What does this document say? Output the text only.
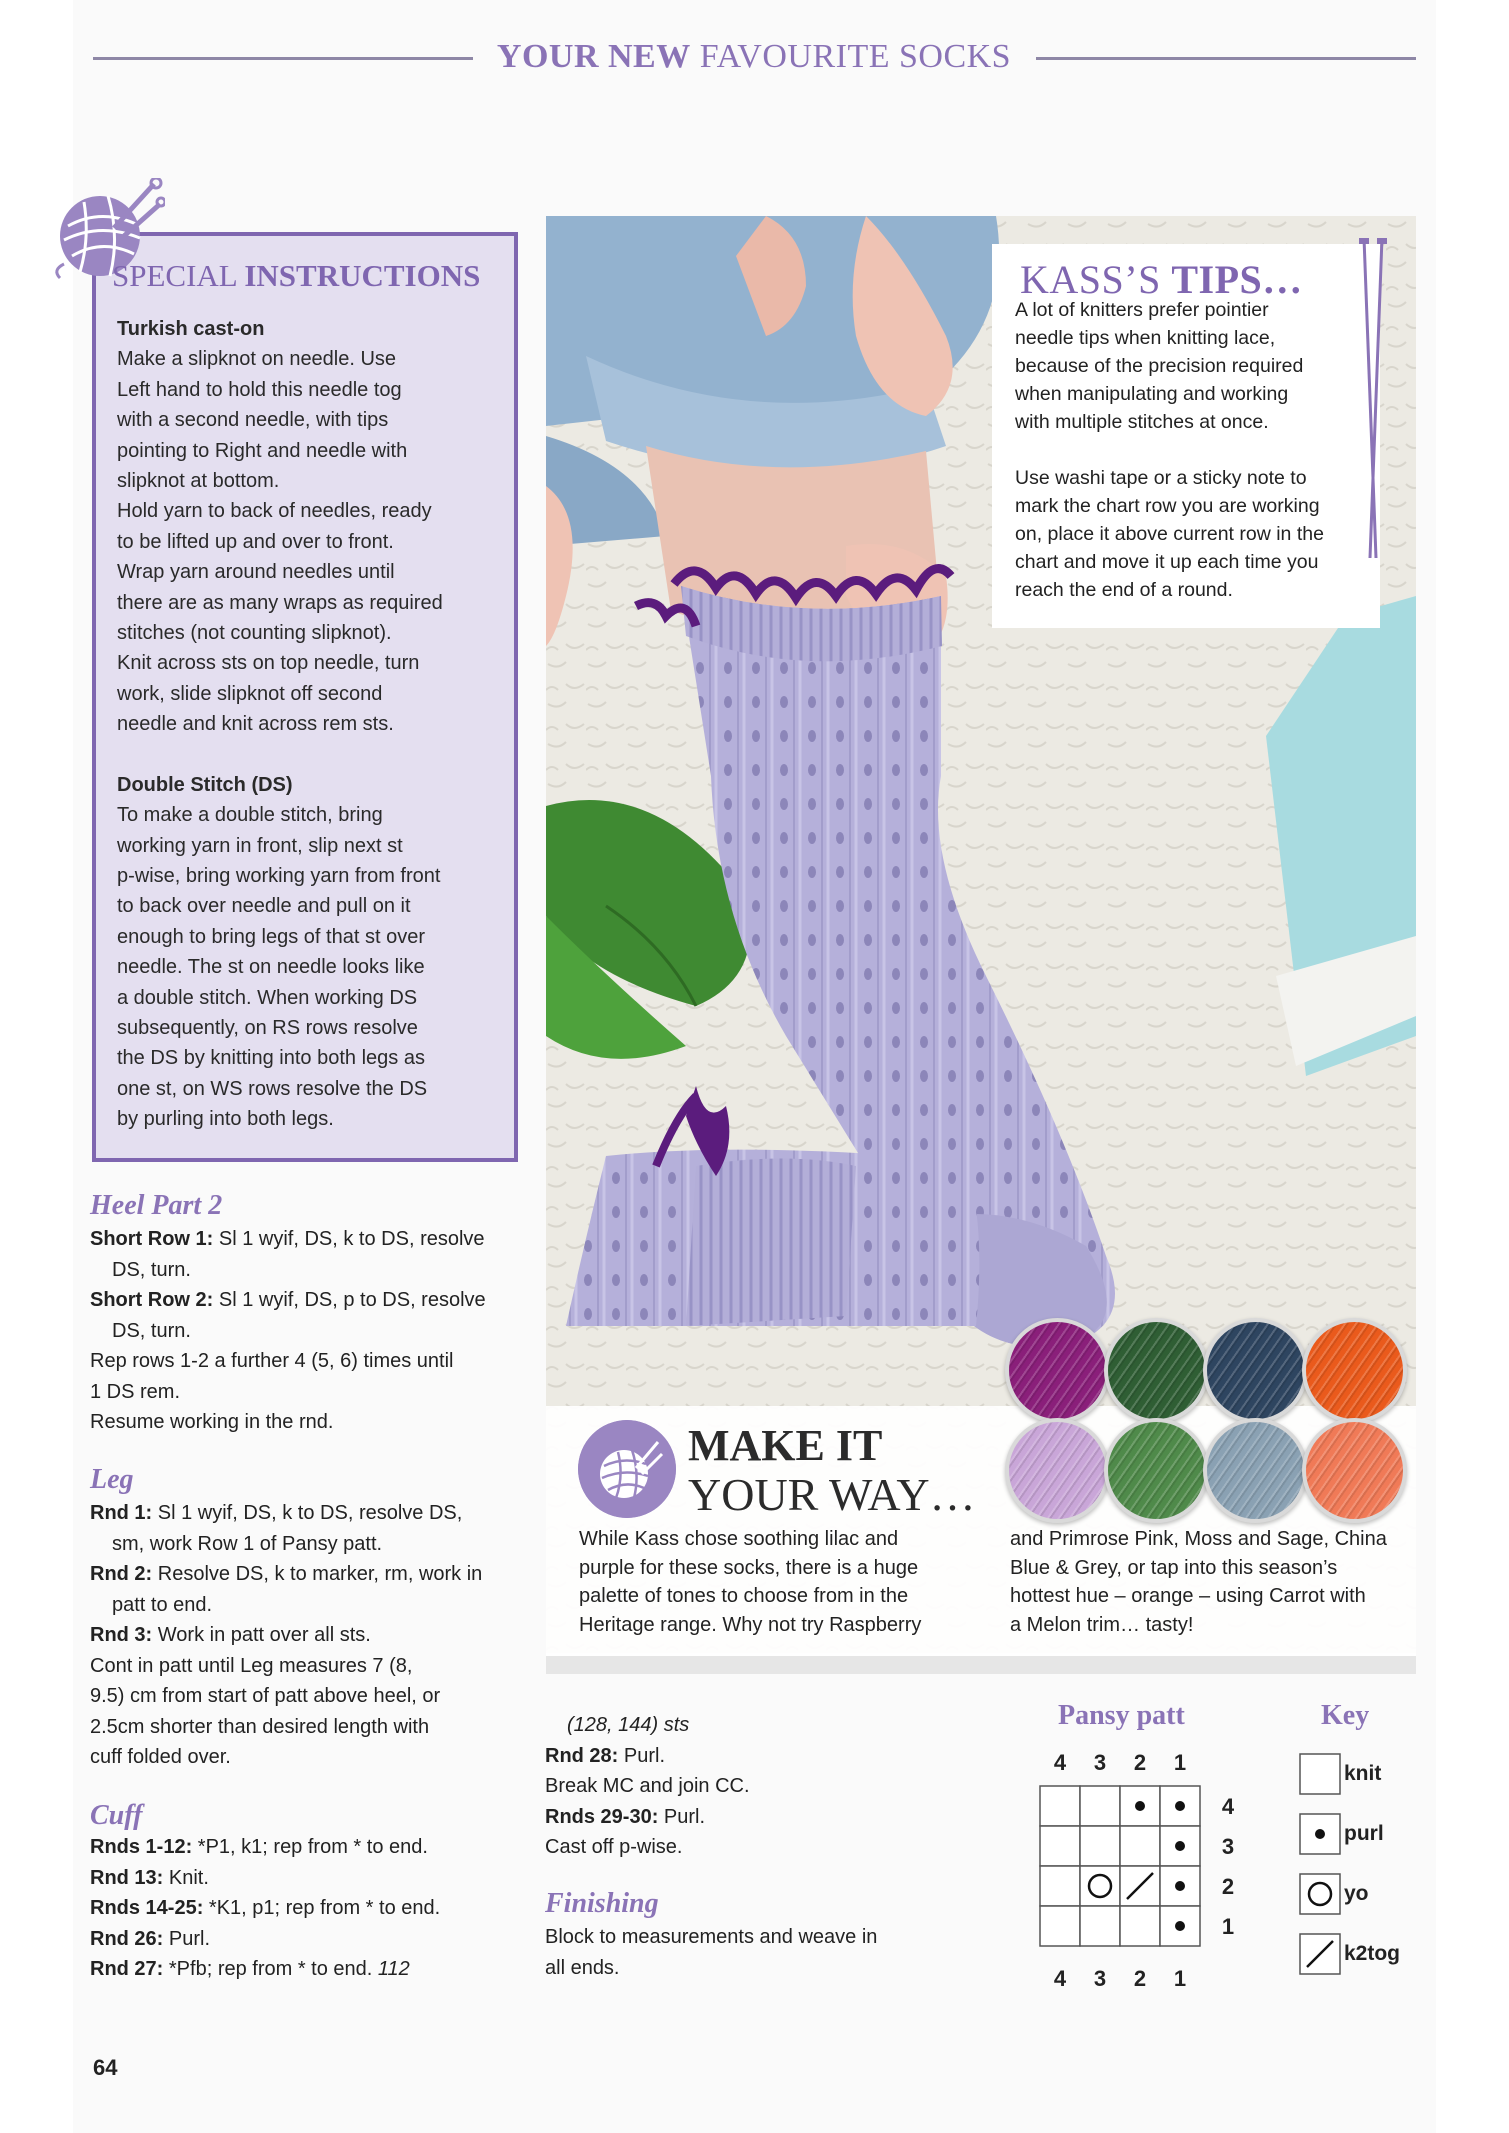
YOUR NEW FAVOURITE SOCKS
SPECIAL INSTRUCTIONS
Turkish cast-on
Make a slipknot on needle. Use
Left hand to hold this needle tog
with a second needle, with tips
pointing to Right and needle with
slipknot at bottom.
Hold yarn to back of needles, ready
to be lifted up and over to front.
Wrap yarn around needles until
there are as many wraps as required
stitches (not counting slipknot).
Knit across sts on top needle, turn
work, slide slipknot off second
needle and knit across rem sts.
Double Stitch (DS)
To make a double stitch, bring
working yarn in front, slip next st
p-wise, bring working yarn from front
to back over needle and pull on it
enough to bring legs of that st over
needle. The st on needle looks like
a double stitch. When working DS
subsequently, on RS rows resolve
the DS by knitting into both legs as
one st, on WS rows resolve the DS
by purling into both legs.
KASS’S TIPS…
A lot of knitters prefer pointier
needle tips when knitting lace,
because of the precision required
when manipulating and working
with multiple stitches at once.
Use washi tape or a sticky note to
mark the chart row you are working
on, place it above current row in the
chart and move it up each time you
reach the end of a round.
MAKE IT
YOUR WAY…
While Kass chose soothing lilac and
purple for these socks, there is a huge
palette of tones to choose from in the
Heritage range. Why not try Raspberry
and Primrose Pink, Moss and Sage, China
Blue & Grey, or tap into this season’s
hottest hue – orange – using Carrot with
a Melon trim… tasty!
Heel Part 2

Short Row 1: Sl 1 wyif, DS, k to DS, resolve

DS, turn.

Short Row 2: Sl 1 wyif, DS, p to DS, resolve

DS, turn.

Rep rows 1-2 a further 4 (5, 6) times until

1 DS rem.

Resume working in the rnd.

Leg

Rnd 1: Sl 1 wyif, DS, k to DS, resolve DS,

sm, work Row 1 of Pansy patt.

Rnd 2: Resolve DS, k to marker, rm, work in

patt to end.

Rnd 3: Work in patt over all sts.

Cont in patt until Leg measures 7 (8,

9.5) cm from start of patt above heel, or

2.5cm shorter than desired length with

cuff folded over.

Cuff

Rnds 1-12: *P1, k1; rep from * to end.

Rnd 13: Knit.

Rnds 14-25: *K1, p1; rep from * to end.

Rnd 26: Purl.

Rnd 27: *Pfb; rep from * to end. 112

(128, 144) sts

Rnd 28: Purl.

Break MC and join CC.

Rnds 29-30: Purl.

Cast off p-wise.

Finishing

Block to measurements and weave in

all ends.

Pansy patt
4
4
3
3
2
2
1
1
4
3
2
1
Key
knit
purl
yo
k2tog
64
